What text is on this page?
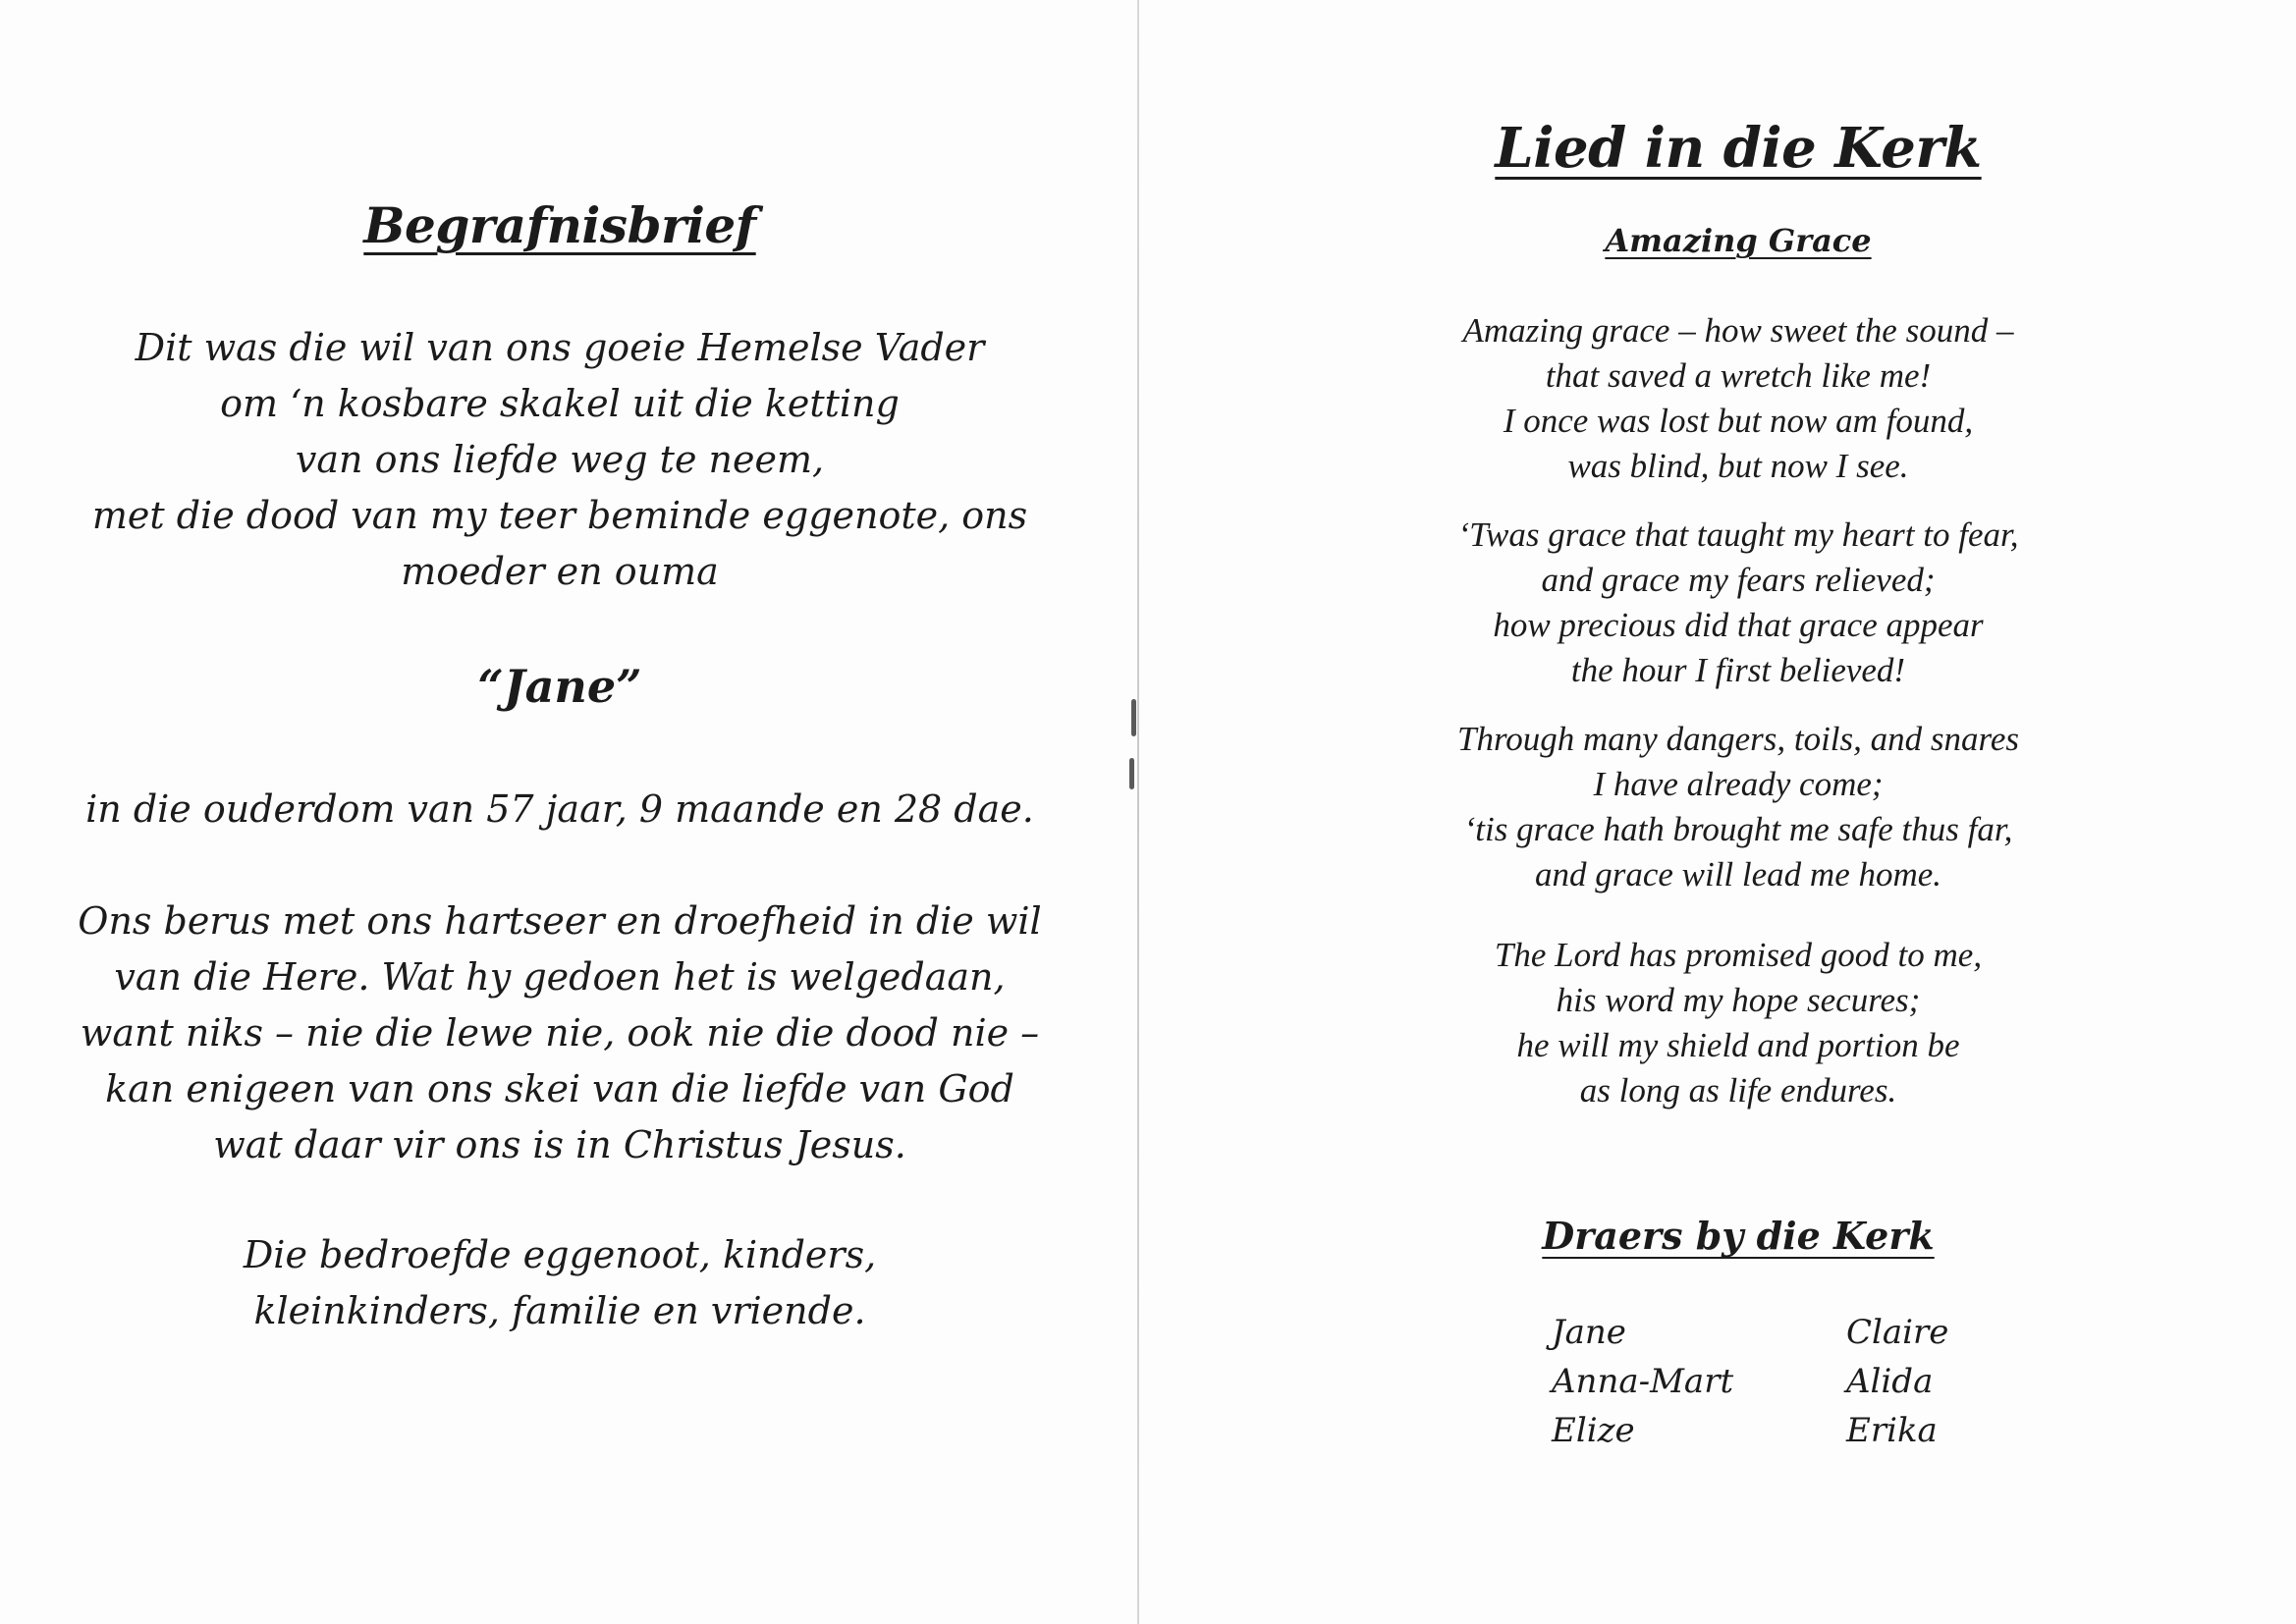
Begrafnisbrief

Dit was die wil van ons goeie Hemelse Vader
om ‘n kosbare skakel uit die ketting
van ons liefde weg te neem,
met die dood van my teer beminde eggenote, ons
moeder en ouma

“Jane”

in die ouderdom van 57 jaar, 9 maande en 28 dae.

Ons berus met ons hartseer en droefheid in die wil
van die Here. Wat hy gedoen het is welgedaan,
want niks – nie die lewe nie, ook nie die dood nie –
kan enigeen van ons skei van die liefde van God
wat daar vir ons is in Christus Jesus.

Die bedroefde eggenoot, kinders,
kleinkinders, familie en vriende.

Lied in die Kerk
Amazing Grace

Amazing grace – how sweet the sound –
that saved a wretch like me!
I once was lost but now am found,
was blind, but now I see.

‘Twas grace that taught my heart to fear,
and grace my fears relieved;
how precious did that grace appear
the hour I first believed!

Through many dangers, toils, and snares
I have already come;
‘tis grace hath brought me safe thus far,
and grace will lead me home.

The Lord has promised good to me,
his word my hope secures;
he will my shield and portion be
as long as life endures.

Draers by die Kerk
Jane	Claire
Anna-Mart	Alida
Elize	Erika
